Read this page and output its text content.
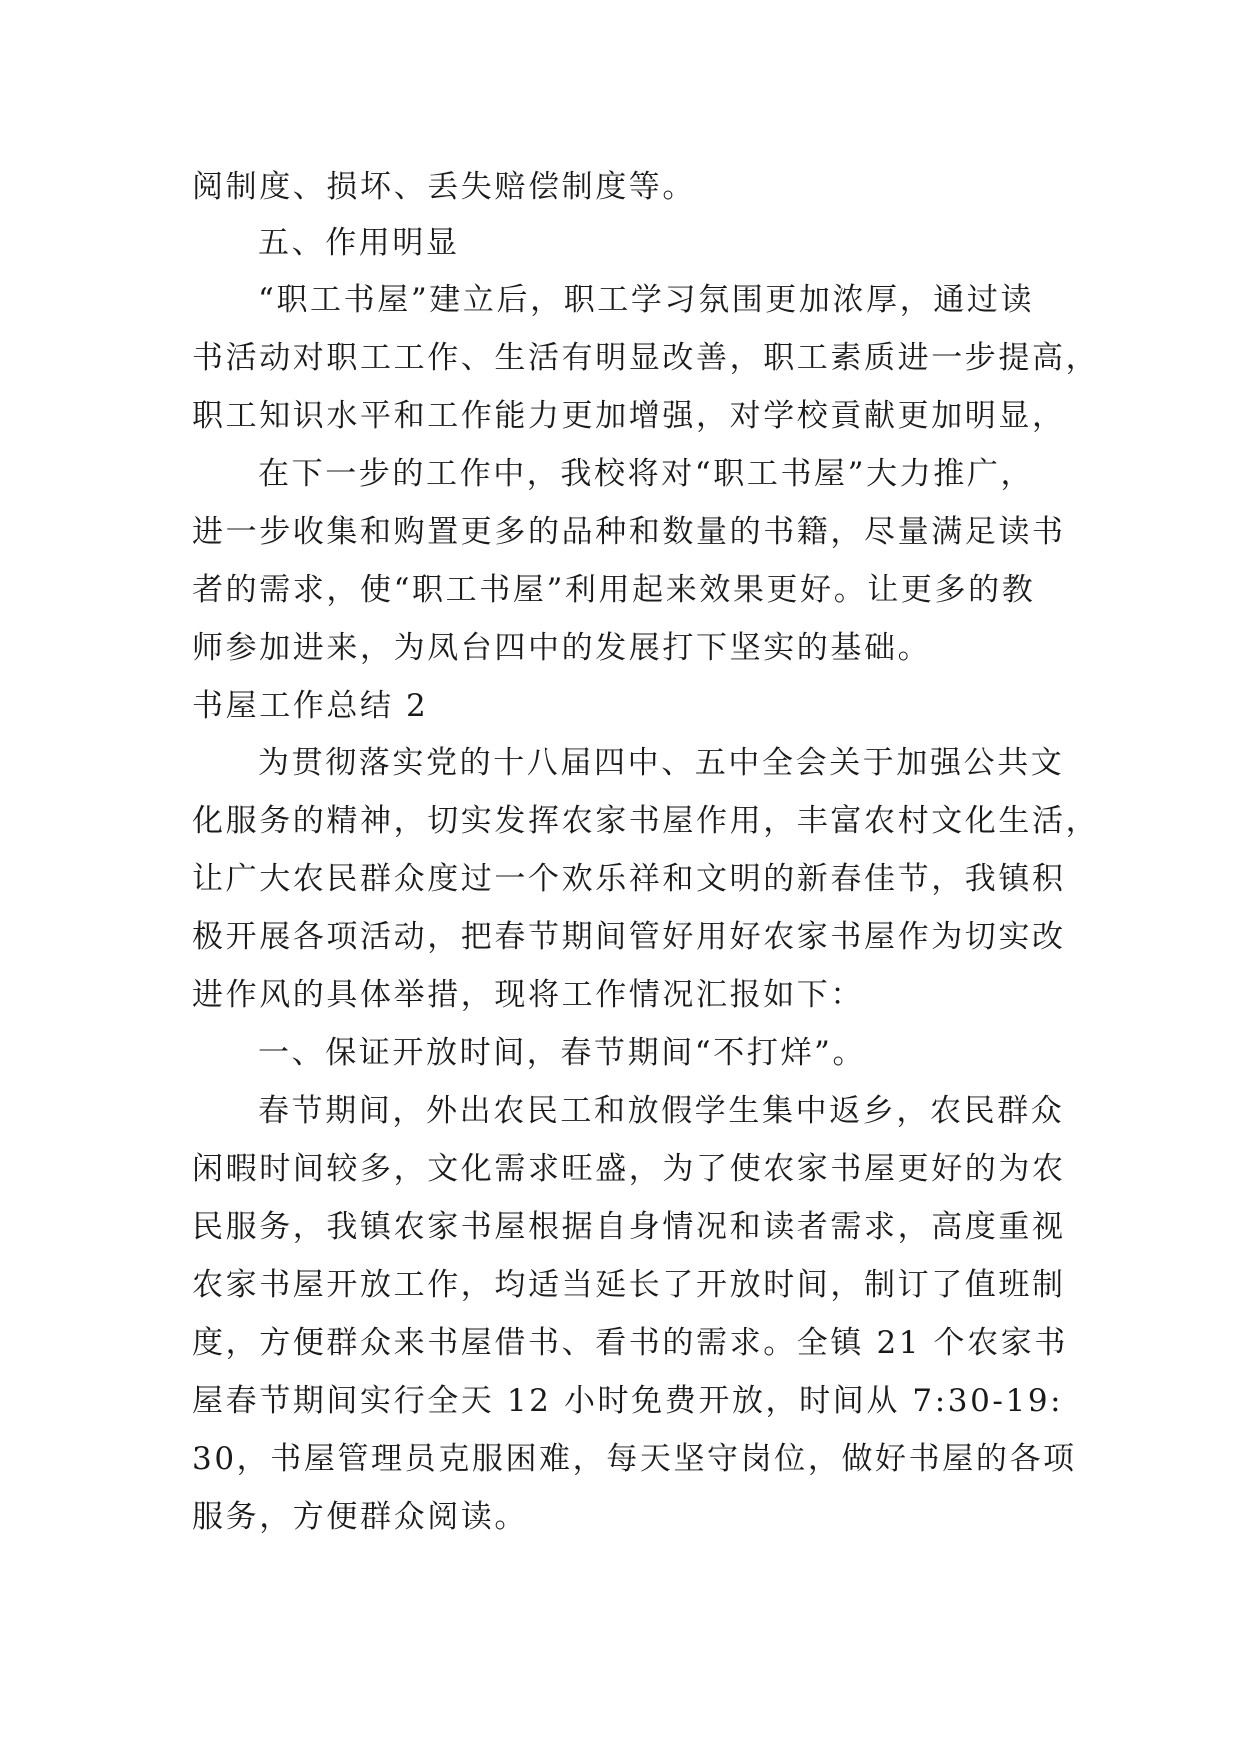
阅制度、损坏、丢失赔偿制度等。
五、作用明显
“职工书屋”建立后，职工学习氛围更加浓厚，通过读
书活动对职工工作、生活有明显改善，职工素质进一步提高，
职工知识水平和工作能力更加增强，对学校貢献更加明显，
在下一步的工作中，我校将对“职工书屋”大力推广，
进一步收集和购置更多的品种和数量的书籍，尽量满足读书
者的需求，使“职工书屋”利用起来效果更好。让更多的教
师参加进来，为凤台四中的发展打下坚实的基础。
书屋工作总结 2
为贯彻落实党的十八届四中、五中全会关于加强公共文
化服务的精神，切实发挥农家书屋作用，丰富农村文化生活，
让广大农民群众度过一个欢乐祥和文明的新春佳节，我镇积
极开展各项活动，把春节期间管好用好农家书屋作为切实改
进作风的具体举措，现将工作情况汇报如下：
一、保证开放时间，春节期间“不打烊”。
春节期间，外出农民工和放假学生集中返乡，农民群众
闲暇时间较多，文化需求旺盛，为了使农家书屋更好的为农
民服务，我镇农家书屋根据自身情况和读者需求，高度重视
农家书屋开放工作，均适当延长了开放时间，制订了值班制
度，方便群众来书屋借书、看书的需求。全镇 21 个农家书
屋春节期间实行全天 12 小时免费开放，时间从 7:30-19:
30，书屋管理员克服困难，每天坚守岗位，做好书屋的各项
服务，方便群众阅读。
